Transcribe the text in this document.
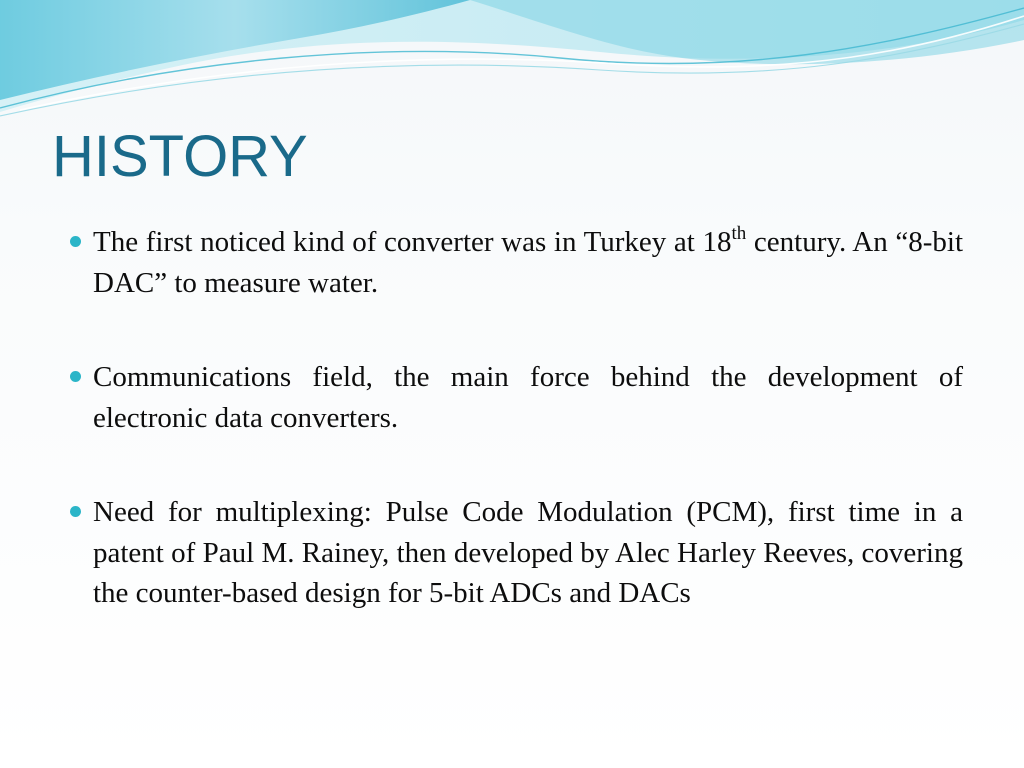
HISTORY
The first noticed kind of converter was in Turkey at 18th century. An “8-bit DAC” to measure water.
Communications field, the main force behind the development of electronic data converters.
Need for multiplexing: Pulse Code Modulation (PCM), first time in a patent of Paul M. Rainey, then developed by Alec Harley Reeves, covering the counter-based design for 5-bit ADCs and DACs
